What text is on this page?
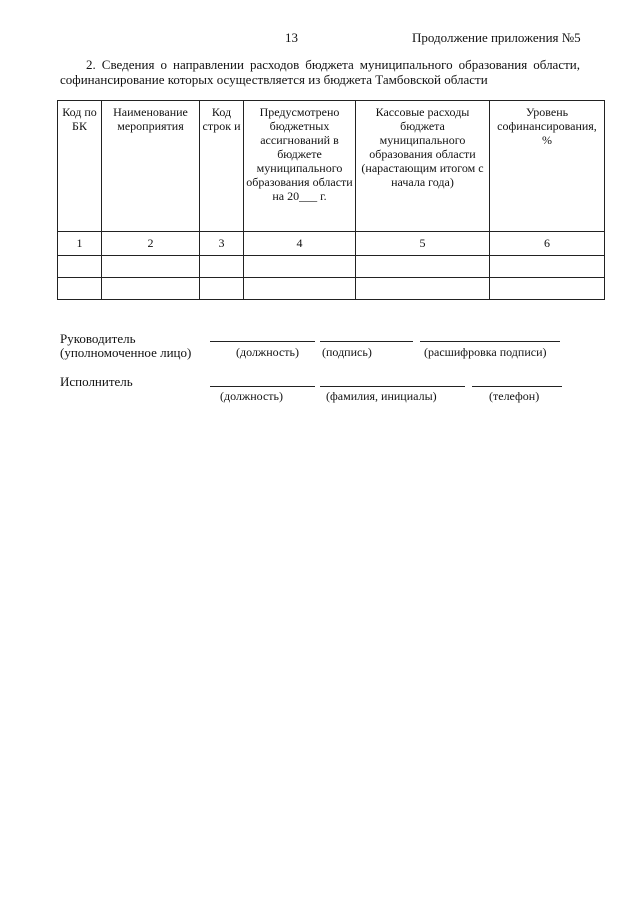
13	Продолжение приложения №5
2. Сведения о направлении расходов бюджета муниципального образования области,
софинансирование которых осуществляется из бюджета Тамбовской области
Код по БК	Наименование мероприятия	Код строк и	Предусмотрено бюджетных ассигнований в бюджете муниципального образования области на 20___ г.	Кассовые расходы бюджета муниципального образования области (нарастающим итогом с начала года)	Уровень софинансирования, %
1	2	3	4	5	6

Руководитель
(уполномоченное лицо)	(должность) (подпись)	(расшифровка подписи)
Исполнитель
(должность)	(фамилия, инициалы)	(телефон)
